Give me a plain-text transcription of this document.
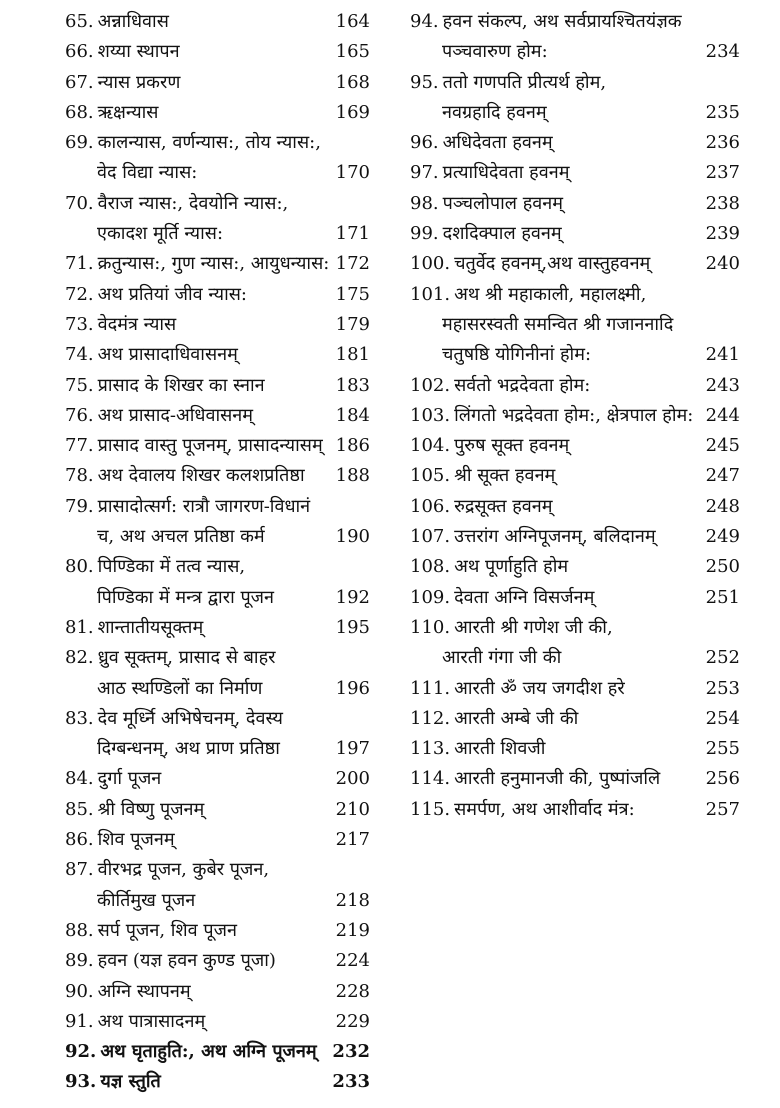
65. अन्नाधिवास	164
66. शय्या स्थापन	165
67. न्यास प्रकरण	168
68. ऋक्षन्यास	169
69. कालन्यास, वर्णन्यास:, तोय न्यास:,
वेद विद्या न्यास:	170
70. वैराज न्यास:, देवयोनि न्यास:,
एकादश मूर्ति न्यास:	171
71. क्रतुन्यास:, गुण न्यास:, आयुधन्यास: 172
72. अथ प्रतियां जीव न्यास:	175
73. वेदमंत्र न्यास	179
74. अथ प्रासादाधिवासनम्	181
75. प्रासाद के शिखर का स्नान	183
76. अथ प्रासाद-अधिवासनम्	184
77. प्रासाद वास्तु पूजनम्, प्रासादन्यासम् 186
78. अथ देवालय शिखर कलशप्रतिष्ठा 188
79. प्रासादोत्सर्ग: रात्रौ जागरण-विधानं
च, अथ अचल प्रतिष्ठा कर्म	190
80. पिण्डिका में तत्व न्यास,
पिण्डिका में मन्त्र द्वारा पूजन	192
81. शान्तातीयसूक्तम्	195
82. ध्रुव सूक्तम्, प्रासाद से बाहर
आठ स्थण्डिलों का निर्माण	196
83. देव मूर्ध्नि अभिषेचनम्, देवस्य
दिग्बन्धनम्, अथ प्राण प्रतिष्ठा	197
84. दुर्गा पूजन	200
85. श्री विष्णु पूजनम्	210
86. शिव पूजनम्	217
87. वीरभद्र पूजन, कुबेर पूजन,
कीर्तिमुख पूजन	218
88. सर्प पूजन, शिव पूजन	219
89. हवन (यज्ञ हवन कुण्ड पूजा)	224
90. अग्नि स्थापनम्	228
91. अथ पात्रासादनम्	229
92. अथ घृताहुति:, अथ अग्नि पूजनम् 232
93. यज्ञ स्तुति	233
94. हवन संकल्प, अथ सर्वप्रायश्चितयंज्ञक
पञ्चवारुण होम:	234
95. ततो गणपति प्रीत्यर्थ होम,
नवग्रहादि हवनम्	235
96. अधिदेवता हवनम्	236
97. प्रत्याधिदेवता हवनम्	237
98. पञ्चलोपाल हवनम्	238
99. दशदिक्पाल हवनम्	239
100. चतुर्वेद हवनम्,अथ वास्तुहवनम्	240
101. अथ श्री महाकाली, महालक्ष्मी,
महासरस्वती समन्वित श्री गजाननादि
चतुषष्ठि योगिनीनां होम:	241
102. सर्वतो भद्रदेवता होम:	243
103. लिंगतो भद्रदेवता होम:, क्षेत्रपाल होम: 244
104. पुरुष सूक्त हवनम्	245
105. श्री सूक्त हवनम्	247
106. रुद्रसूक्त हवनम्	248
107. उत्तरांग अग्निपूजनम्, बलिदानम्	249
108. अथ पूर्णाहुति होम	250
109. देवता अग्नि विसर्जनम्	251
110. आरती श्री गणेश जी की,
आरती गंगा जी की	252
111. आरती ॐ जय जगदीश हरे	253
112. आरती अम्बे जी की	254
113. आरती शिवजी	255
114. आरती हनुमानजी की, पुष्पांजलि	256
115. समर्पण, अथ आशीर्वाद मंत्र:	257
